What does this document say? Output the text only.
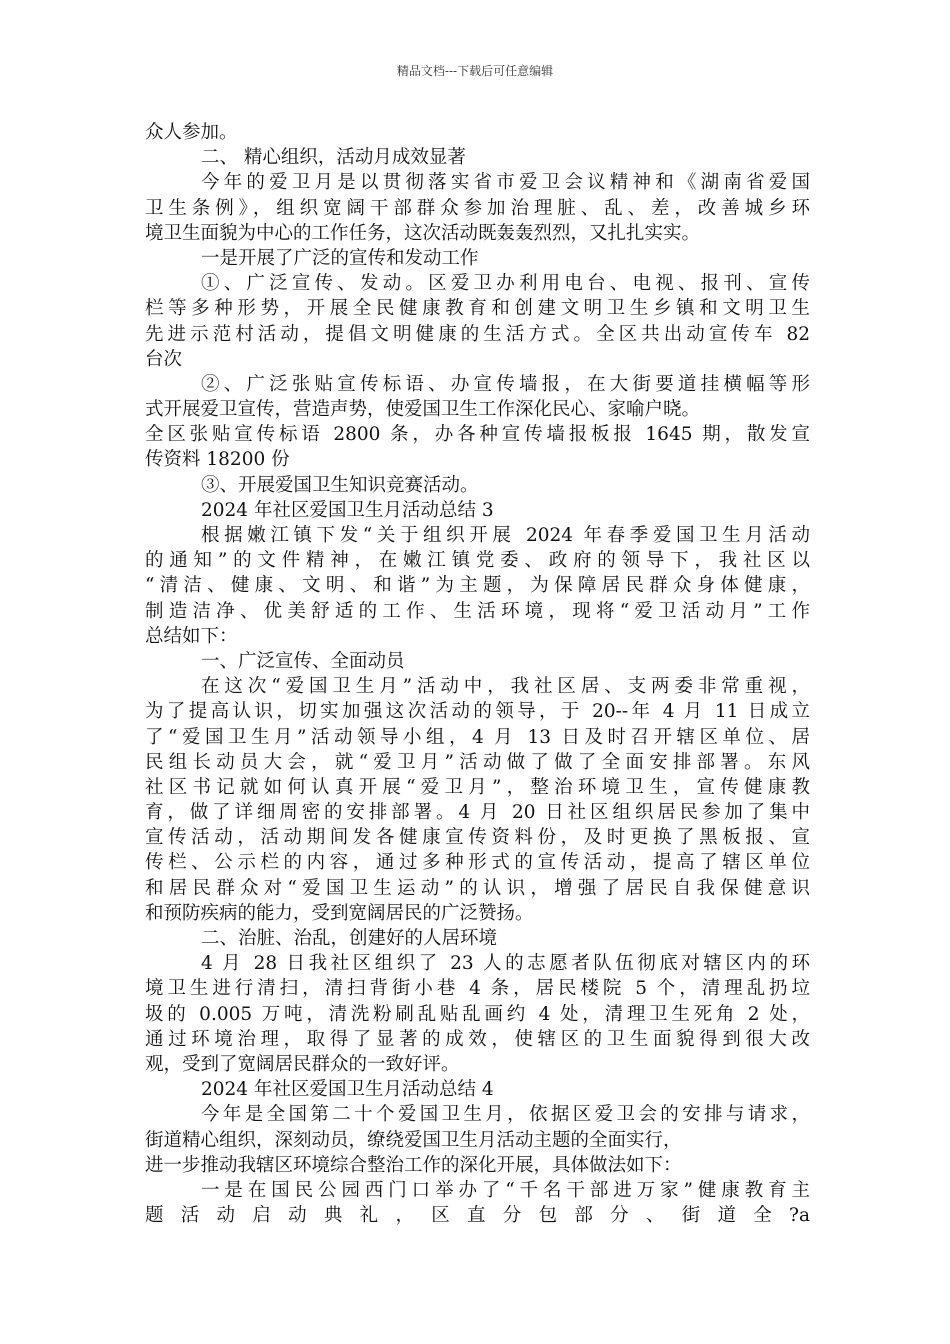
精品文档---下载后可任意编辑
众人参加。
二、 精心组织，活动月成效显著
今年的爱卫月是以贯彻落实省市爱卫会议精神和《湖南省爱国
卫生条例》，组织宽阔干部群众参加治理脏、乱、差，改善城乡环
境卫生面貌为中心的工作任务，这次活动既轰轰烈烈，又扎扎实实。
一是开展了广泛的宣传和发动工作
①、广泛宣传、发动。区爱卫办利用电台、电视、报刊、宣传
栏等多种形势，开展全民健康教育和创建文明卫生乡镇和文明卫生
先进示范村活动，提倡文明健康的生活方式。全区共出动宣传车 82
台次
②、广泛张贴宣传标语、办宣传墙报，在大街要道挂横幅等形
式开展爱卫宣传，营造声势，使爱国卫生工作深化民心、家喻户晓。
全区张贴宣传标语 2800 条，办各种宣传墙报板报 1645 期，散发宣
传资料 18200 份
③、开展爱国卫生知识竞赛活动。
2024 年社区爱国卫生月活动总结 3
根据嫩江镇下发“关于组织开展 2024 年春季爱国卫生月活动
的通知”的文件精神，在嫩江镇党委、政府的领导下，我社区以
“清洁、健康、文明、和谐”为主题，为保障居民群众身体健康，
制造洁净、优美舒适的工作、生活环境，现将“爱卫活动月”工作
总结如下：
一、广泛宣传、全面动员
在这次“爱国卫生月”活动中，我社区居、支两委非常重视，
为了提高认识，切实加强这次活动的领导，于 20--年 4 月 11 日成立
了“爱国卫生月”活动领导小组，4 月 13 日及时召开辖区单位、居
民组长动员大会，就“爱卫月”活动做了做了全面安排部署。东风
社区书记就如何认真开展“爱卫月”，整治环境卫生，宣传健康教
育，做了详细周密的安排部署。4 月 20 日社区组织居民参加了集中
宣传活动，活动期间发各健康宣传资料份，及时更换了黑板报、宣
传栏、公示栏的内容，通过多种形式的宣传活动，提高了辖区单位
和居民群众对“爱国卫生运动”的认识，增强了居民自我保健意识
和预防疾病的能力，受到宽阔居民的广泛赞扬。
二、治脏、治乱，创建好的人居环境
4 月 28 日我社区组织了 23 人的志愿者队伍彻底对辖区内的环
境卫生进行清扫，清扫背街小巷 4 条，居民楼院 5 个，清理乱扔垃
圾的 0.005 万吨，清洗粉刷乱贴乱画约 4 处，清理卫生死角 2 处，
通过环境治理，取得了显著的成效，使辖区的卫生面貌得到很大改
观，受到了宽阔居民群众的一致好评。
2024 年社区爱国卫生月活动总结 4
今年是全国第二十个爱国卫生月，依据区爱卫会的安排与请求，
街道精心组织，深刻动员，缭绕爱国卫生月活动主题的全面实行，
进一步推动我辖区环境综合整治工作的深化开展，具体做法如下：
一是在国民公园西门口举办了“千名干部进万家”健康教育主
题活动启动典礼，区直分包部分、街道全?a
